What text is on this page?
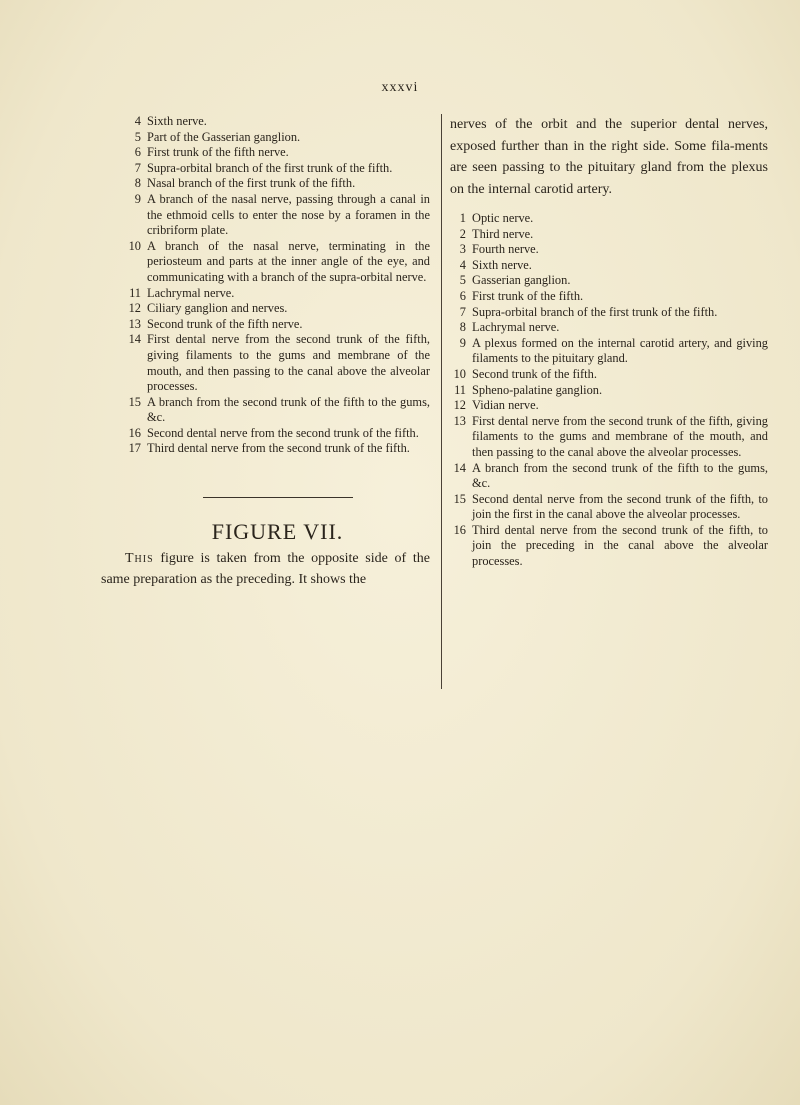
xxxvi
4 Sixth nerve.
5 Part of the Gasserian ganglion.
6 First trunk of the fifth nerve.
7 Supra-orbital branch of the first trunk of the fifth.
8 Nasal branch of the first trunk of the fifth.
9 A branch of the nasal nerve, passing through a canal in the ethmoid cells to enter the nose by a foramen in the cribriform plate.
10 A branch of the nasal nerve, terminating in the periosteum and parts at the inner angle of the eye, and communicating with a branch of the supra-orbital nerve.
11 Lachrymal nerve.
12 Ciliary ganglion and nerves.
13 Second trunk of the fifth nerve.
14 First dental nerve from the second trunk of the fifth, giving filaments to the gums and membrane of the mouth, and then passing to the canal above the alveolar processes.
15 A branch from the second trunk of the fifth to the gums, &c.
16 Second dental nerve from the second trunk of the fifth.
17 Third dental nerve from the second trunk of the fifth.
FIGURE VII.
This figure is taken from the opposite side of the same preparation as the preceding. It shows the

nerves of the orbit and the superior dental nerves, exposed further than in the right side. Some fila-ments are seen passing to the pituitary gland from the plexus on the internal carotid artery.

1 Optic nerve.
2 Third nerve.
3 Fourth nerve.
4 Sixth nerve.
5 Gasserian ganglion.
6 First trunk of the fifth.
7 Supra-orbital branch of the first trunk of the fifth.
8 Lachrymal nerve.
9 A plexus formed on the internal carotid artery, and giving filaments to the pituitary gland.
10 Second trunk of the fifth.
11 Spheno-palatine ganglion.
12 Vidian nerve.
13 First dental nerve from the second trunk of the fifth, giving filaments to the gums and membrane of the mouth, and then passing to the canal above the alveolar processes.
14 A branch from the second trunk of the fifth to the gums, &c.
15 Second dental nerve from the second trunk of the fifth, to join the first in the canal above the alveolar processes.
16 Third dental nerve from the second trunk of the fifth, to join the preceding in the canal above the alveolar processes.
